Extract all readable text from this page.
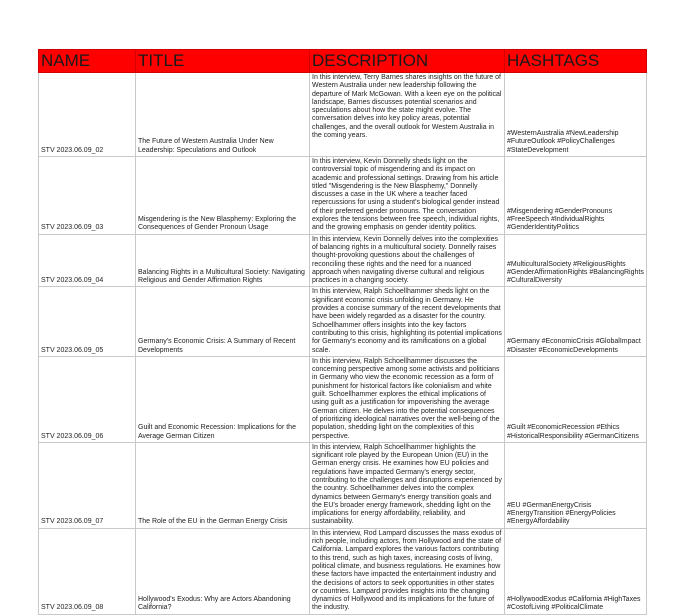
NAME	TITLE	DESCRIPTION	HASHTAGS
STV 2023.06.09_02	The Future of Western Australia Under New Leadership: Speculations and Outlook	In this interview, Terry Barnes shares insights on the future of Western Australia under new leadership following the departure of Mark McGowan. With a keen eye on the political landscape, Barnes discusses potential scenarios and speculations about how the state might evolve. The conversation delves into key policy areas, potential challenges, and the overall outlook for Western Australia in the coming years.	#WesternAustralia #NewLeadership #FutureOutlook #PolicyChallenges #StateDevelopment
STV 2023.06.09_03	Misgendering is the New Blasphemy: Exploring the Consequences of Gender Pronoun Usage	In this interview, Kevin Donnelly sheds light on the controversial topic of misgendering and its impact on academic and professional settings. Drawing from his article titled "Misgendering is the New Blasphemy," Donnelly discusses a case in the UK where a teacher faced repercussions for using a student's biological gender instead of their preferred gender pronouns. The conversation explores the tensions between free speech, individual rights, and the growing emphasis on gender identity politics.	#Misgendering #GenderPronouns #FreeSpeech #IndividualRights #GenderIdentityPolitics
STV 2023.06.09_04	Balancing Rights in a Multicultural Society: Navigating Religious and Gender Affirmation Rights	In this interview, Kevin Donnelly delves into the complexities of balancing rights in a multicultural society. Donnelly raises thought-provoking questions about the challenges of reconciling these rights and the need for a nuanced approach when navigating diverse cultural and religious practices in a changing society.	#MulticulturalSociety #ReligiousRights #GenderAffirmationRights #BalancingRights #CulturalDiversity
STV 2023.06.09_05	Germany's Economic Crisis: A Summary of Recent Developments	In this interview, Ralph Schoellhammer sheds light on the significant economic crisis unfolding in Germany. He provides a concise summary of the recent developments that have been widely regarded as a disaster for the country. Schoellhammer offers insights into the key factors contributing to this crisis, highlighting its potential implications for Germany's economy and its ramifications on a global scale.	#Germany #EconomicCrisis #GlobalImpact #Disaster #EconomicDevelopments
STV 2023.06.09_06	Guilt and Economic Recession: Implications for the Average German Citizen	In this interview, Ralph Schoellhammer discusses the concerning perspective among some activists and politicians in Germany who view the economic recession as a form of punishment for historical factors like colonialism and white guilt. Schoellhammer explores the ethical implications of using guilt as a justification for impoverishing the average German citizen. He delves into the potential consequences of prioritizing ideological narratives over the well-being of the population, shedding light on the complexities of this perspective.	#Guilt #EconomicRecession #Ethics #HistoricalResponsibility #GermanCitizens
STV 2023.06.09_07	The Role of the EU in the German Energy Crisis	In this interview, Ralph Schoellhammer highlights the significant role played by the European Union (EU) in the German energy crisis. He examines how EU policies and regulations have impacted Germany's energy sector, contributing to the challenges and disruptions experienced by the country. Schoellhammer delves into the complex dynamics between Germany's energy transition goals and the EU's broader energy framework, shedding light on the implications for energy affordability, reliability, and sustainability.	#EU #GermanEnergyCrisis #EnergyTransition #EnergyPolicies #EnergyAffordability
STV 2023.06.09_08	Hollywood's Exodus: Why are Actors Abandoning California?	In this interview, Rod Lampard discusses the mass exodus of rich people, including actors, from Hollywood and the state of California. Lampard explores the various factors contributing to this trend, such as high taxes, increasing costs of living, political climate, and business regulations. He examines how these factors have impacted the entertainment industry and the decisions of actors to seek opportunities in other states or countries. Lampard provides insights into the changing dynamics of Hollywood and its implications for the future of the industry.	#HollywoodExodus #California #HighTaxes #CostofLiving #PoliticalClimate
